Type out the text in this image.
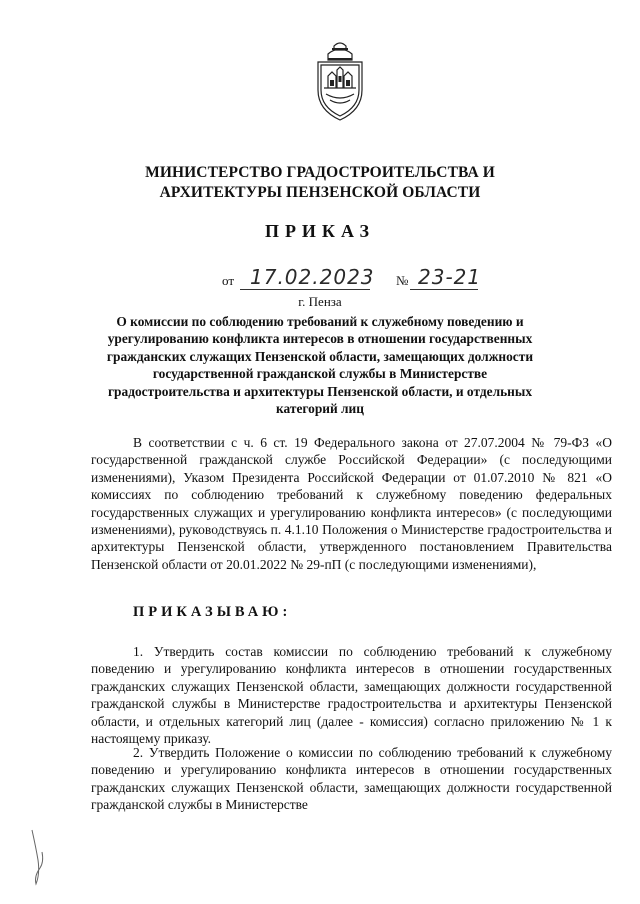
МИНИСТЕРСТВО ГРАДОСТРОИТЕЛЬСТВА И
АРХИТЕКТУРЫ ПЕНЗЕНСКОЙ ОБЛАСТИ
ПРИКАЗ
от 17.02.2023 № 23-21
г. Пенза
О комиссии по соблюдению требований к служебному поведению и урегулированию конфликта интересов в отношении государственных гражданских служащих Пензенской области, замещающих должности государственной гражданской службы в Министерстве градостроительства и архитектуры Пензенской области, и отдельных категорий лиц
В соответствии с ч. 6 ст. 19 Федерального закона от 27.07.2004 № 79-ФЗ «О государственной гражданской службе Российской Федерации» (с последующими изменениями), Указом Президента Российской Федерации от 01.07.2010 № 821 «О комиссиях по соблюдению требований к служебному поведению федеральных государственных служащих и урегулированию конфликта интересов» (с последующими изменениями), руководствуясь п. 4.1.10 Положения о Министерстве градостроительства и архитектуры Пензенской области, утвержденного постановлением Правительства Пензенской области от 20.01.2022 № 29-пП (с последующими изменениями),
ПРИКАЗЫВАЮ:
1. Утвердить состав комиссии по соблюдению требований к служебному поведению и урегулированию конфликта интересов в отношении государственных гражданских служащих Пензенской области, замещающих должности государственной гражданской службы в Министерстве градостроительства и архитектуры Пензенской области, и отдельных категорий лиц (далее - комиссия) согласно приложению № 1 к настоящему приказу.
2. Утвердить Положение о комиссии по соблюдению требований к служебному поведению и урегулированию конфликта интересов в отношении государственных гражданских служащих Пензенской области, замещающих должности государственной гражданской службы в Министерстве
